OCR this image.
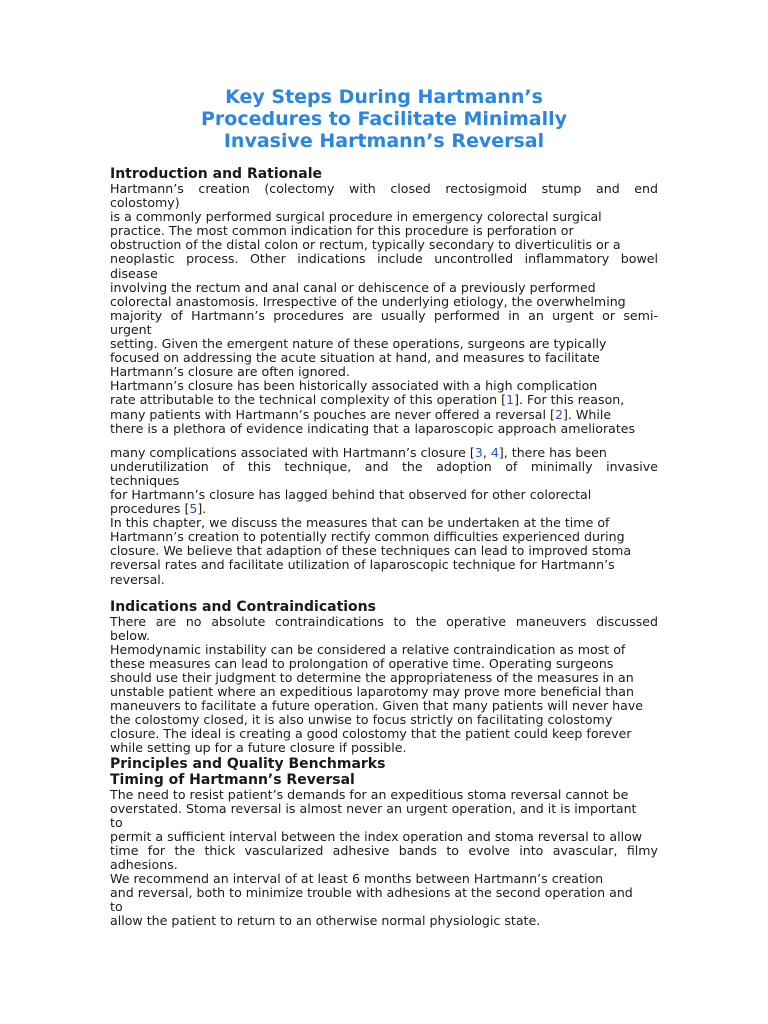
Key Steps During Hartmann’s
Procedures to Facilitate Minimally
Invasive Hartmann’s Reversal
Introduction and Rationale
Hartmann’s creation (colectomy with closed rectosigmoid stump and end
colostomy)
is a commonly performed surgical procedure in emergency colorectal surgical
practice. The most common indication for this procedure is perforation or
obstruction of the distal colon or rectum, typically secondary to diverticulitis or a
neoplastic process. Other indications include uncontrolled inflammatory bowel
disease
involving the rectum and anal canal or dehiscence of a previously performed
colorectal anastomosis. Irrespective of the underlying etiology, the overwhelming
majority of Hartmann’s procedures are usually performed in an urgent or semi-
urgent
setting. Given the emergent nature of these operations, surgeons are typically
focused on addressing the acute situation at hand, and measures to facilitate
Hartmann’s closure are often ignored.
Hartmann’s closure has been historically associated with a high complication
rate attributable to the technical complexity of this operation [1]. For this reason,
many patients with Hartmann’s pouches are never offered a reversal [2]. While
there is a plethora of evidence indicating that a laparoscopic approach ameliorates
many complications associated with Hartmann’s closure [3, 4], there has been
underutilization of this technique, and the adoption of minimally invasive
techniques
for Hartmann’s closure has lagged behind that observed for other colorectal
procedures [5].
In this chapter, we discuss the measures that can be undertaken at the time of
Hartmann’s creation to potentially rectify common difficulties experienced during
closure. We believe that adaption of these techniques can lead to improved stoma
reversal rates and facilitate utilization of laparoscopic technique for Hartmann’s
reversal.
Indications and Contraindications
There are no absolute contraindications to the operative maneuvers discussed
below.
Hemodynamic instability can be considered a relative contraindication as most of
these measures can lead to prolongation of operative time. Operating surgeons
should use their judgment to determine the appropriateness of the measures in an
unstable patient where an expeditious laparotomy may prove more beneficial than
maneuvers to facilitate a future operation. Given that many patients will never have
the colostomy closed, it is also unwise to focus strictly on facilitating colostomy
closure. The ideal is creating a good colostomy that the patient could keep forever
while setting up for a future closure if possible.
Principles and Quality Benchmarks
Timing of Hartmann’s Reversal
The need to resist patient’s demands for an expeditious stoma reversal cannot be
overstated. Stoma reversal is almost never an urgent operation, and it is important
to
permit a sufficient interval between the index operation and stoma reversal to allow
time for the thick vascularized adhesive bands to evolve into avascular, filmy
adhesions.
We recommend an interval of at least 6 months between Hartmann’s creation
and reversal, both to minimize trouble with adhesions at the second operation and
to
allow the patient to return to an otherwise normal physiologic state.
